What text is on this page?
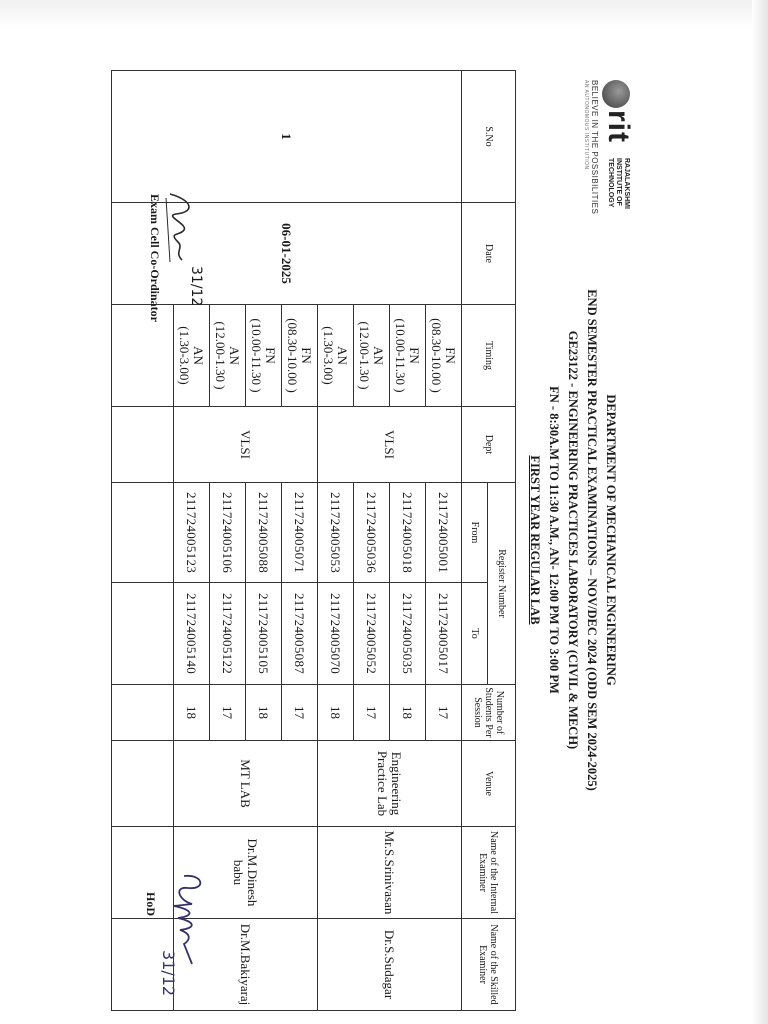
rit
RAJALAKSHMI
INSTITUTE OF
TECHNOLOGY
BELIEVE IN THE POSSIBILITIES
AN AUTONOMOUS INSTITUTION
DEPARTMENT OF MECHANICAL ENGINEERING
END SEMESTER PRACTICAL EXAMINATIONS – NOV/DEC 2024 (ODD SEM 2024-2025)
GE23122 - ENGINEERING PRACTICES LABORATORY (CIVIL & MECH)
FN - 8:30A.M TO 11:30 A.M., AN- 12:00 PM TO 3:00 PM
FIRST YEAR REGULAR LAB
S.No	Date	Timing	Dept	Register Number		Number of Students Per Session	Venue	Name of the Internal Examiner	Name of the Skilled Examiner
				From	To				
1	06-01-2025	FN
(08.30-10.00 )	VLSI	211724005001	211724005017	17	Engineering Practice Lab	Mr.S.Srinivasan	Dr.S.Sudagar

		FN
(10.00-11.30 )		211724005018	211724005035	18			

		AN
(12.00-1.30 )		211724005036	211724005052	17			

		AN
(1.30-3.00)		211724005053	211724005070	18			

		FN
(08.30-10.00 )	VLSI	211724005071	211724005087	17	MT LAB	Dr.M.Dinesh babu	Dr.M.Bakiyaraj

		FN
(10.00-11.30 )		211724005088	211724005105	18			

		AN
(12.00-1.30 )		211724005106	211724005122	17			

		AN
(1.30-3.00)		211724005123	211724005140	18			

31/12
Exam Cell Co-Ordinator
31/12
HoD
